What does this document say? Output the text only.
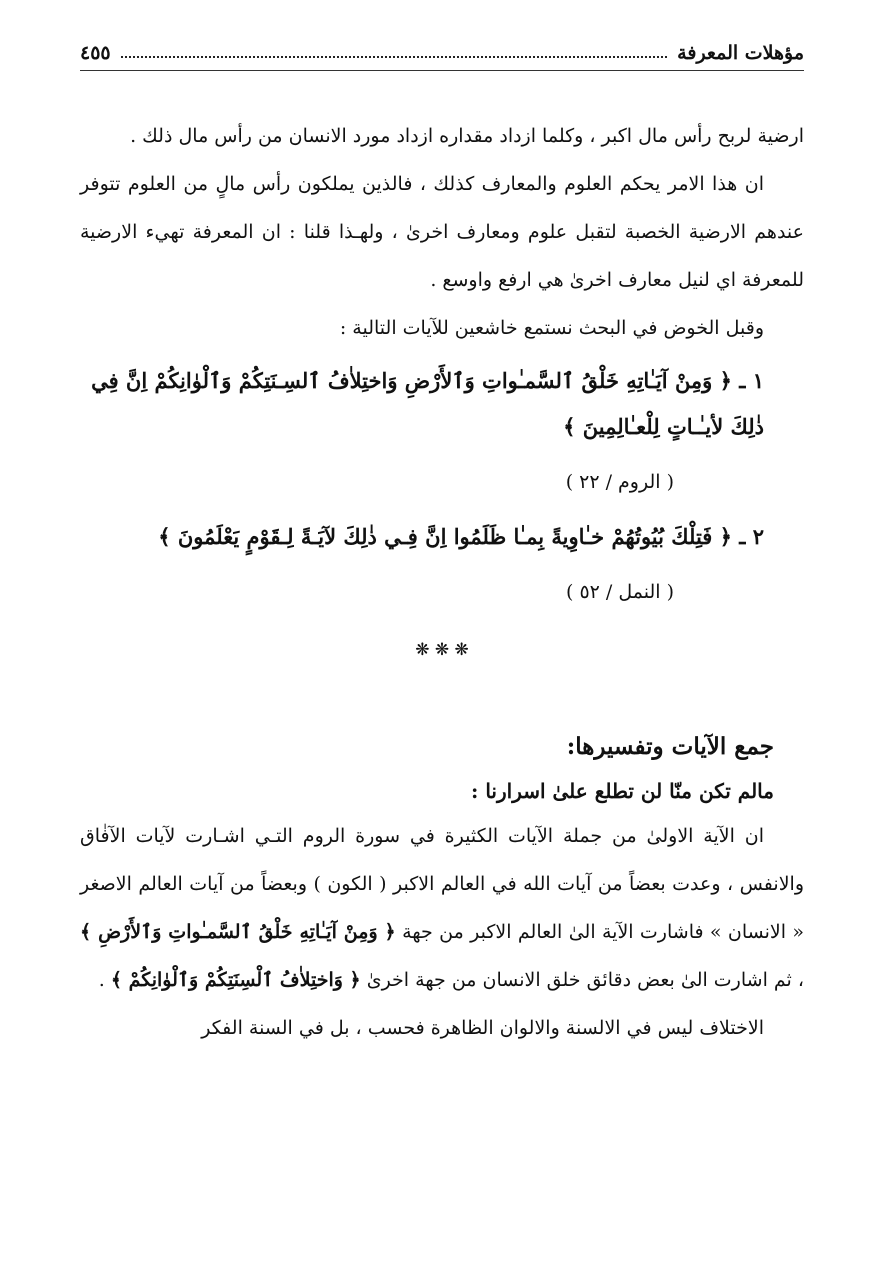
مؤهلات المعرفة
٤٥٥

ارضية لربح رأس مال اكبر ، وكلما ازداد مقداره ازداد مورد الانسان من رأس مال ذلك .

ان هذا الامر يحكم العلوم والمعارف كذلك ، فالذين يملكون رأس مالٍ من العلوم تتوفر عندهم الارضية الخصبة لتقبل علوم ومعارف اخرىٰ ، ولهـذا قلنا : ان المعرفة تهيء الارضية للمعرفة اي لنيل معارف اخرىٰ هي ارفع واوسع .

وقبل الخوض في البحث نستمع خاشعين للآيات التالية :

١ ـ ﴿ وَمِنْ آيَـٰاتِهِ خَلْقُ ٱلسَّمـٰواتِ وَٱلأَرْضِ وَاختِلاٰفُ ٱلسِـنَتِكُمْ وَٱلْوٰانِكُمْ اِنَّ فِي ذٰلِكَ لأيـٰـاتٍ لِلْعـٰالِمِينَ ﴾
( الروم / ٢٢ )
٢ ـ ﴿ فَتِلْكَ بُيُوتُهُمْ خـٰاوِيةً بِمـٰا ظَلَمُوا اِنَّ فِـي ذٰلِكَ لآيَـةً لِـقَوْمٍ يَعْلَمُونَ ﴾
( النمل / ٥٢ )
❋ ❋ ❋
جمع الآيات وتفسيرها:
مالم تكن منّا لن تطلع علىٰ اسرارنا :

ان الآية الاولىٰ من جملة الآيات الكثيرة في سورة الروم التـي اشـارت لآيات الآفٰاق والانفس ، وعدت بعضاً من آيات الله في العالم الاكبر ( الكون ) وبعضاً من آيات العالم الاصغر « الانسان » فاشارت الآية الىٰ العالم الاكبر من جهة ﴿ وَمِنْ آيَـٰاتِهِ خَلْقُ ٱلسَّمـٰواتِ وَٱلأَرْضِ ﴾ ، ثم اشارت الىٰ بعض دقائق خلق الانسان من جهة اخرىٰ ﴿ وَاختِلاٰفُ ٱلْسِنَتِكُمْ وَٱلْوٰانِكُمْ ﴾ .

الاختلاف ليس في الالسنة والالوان الظاهرة فحسب ، بل في السنة الفكر
